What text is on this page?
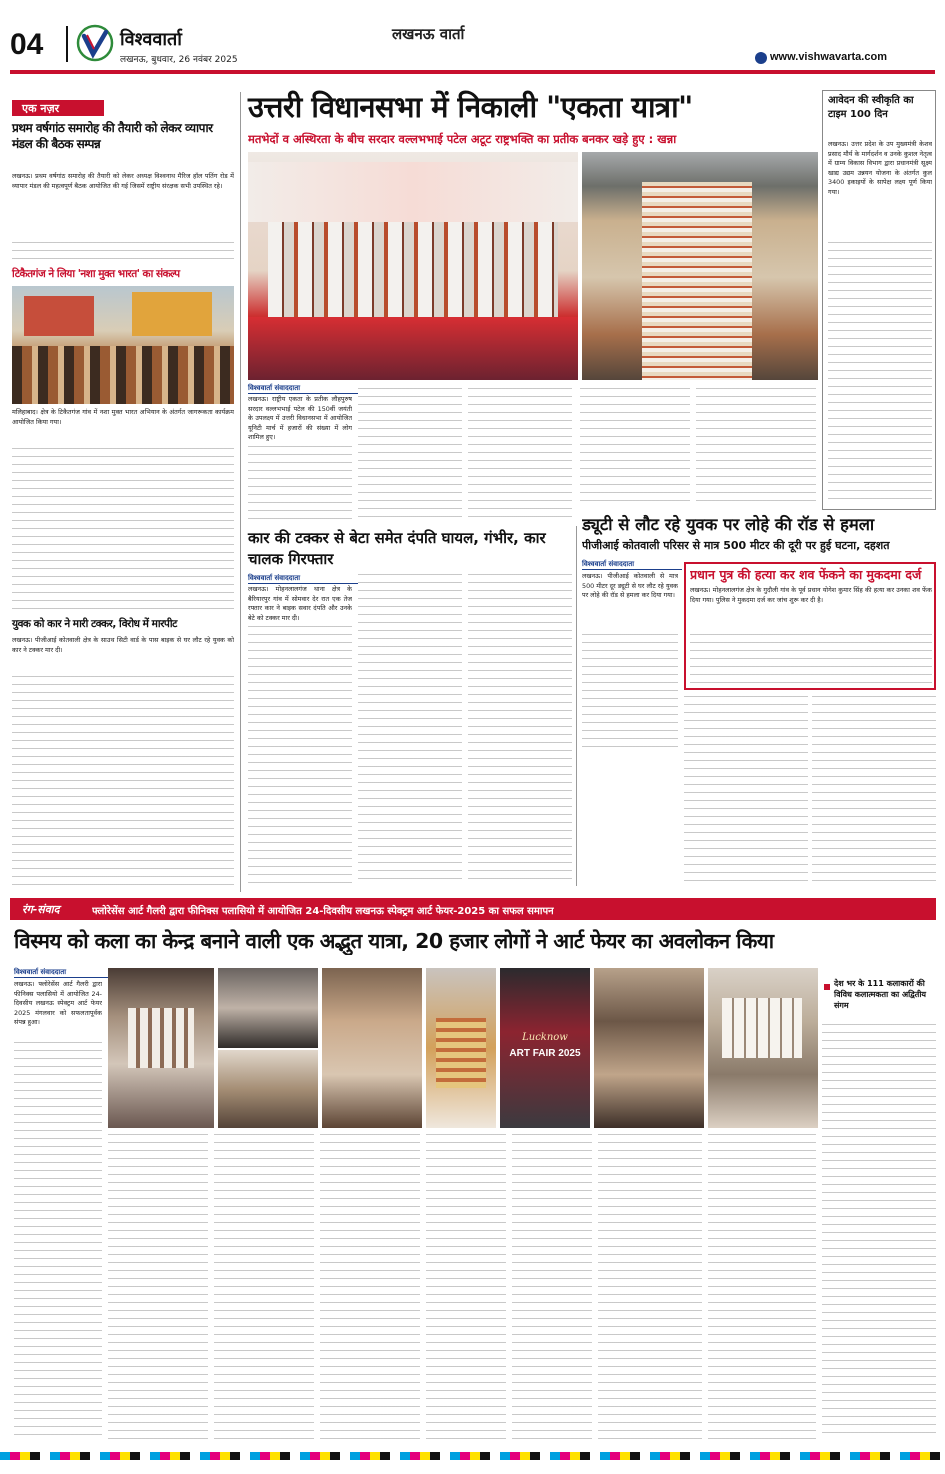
04	विश्ववार्ता
लखनऊ, बुधवार, 26 नवंबर 2025
लखनऊ वार्ता
www.vishwavarta.com
एक नज़र
प्रथम वर्षगांठ समारोह की तैयारी को लेकर व्यापार मंडल की बैठक सम्पन्न
लखनऊ। प्रथम वर्षगांठ समारोह की तैयारी को लेकर अध्यक्ष विश्वनाथ मैरिज हॉल पतिंग रोड में व्यापार मंडल की महत्वपूर्ण बैठक आयोजित की गई जिसमें राष्ट्रीय संरक्षक सभी उपस्थित रहे।
टिकैतगंज ने लिया 'नशा मुक्त भारत' का संकल्प
मलिहाबाद। क्षेत्र के टिकैतगंज गांव में नशा मुक्त भारत अभियान के अंतर्गत जागरूकता कार्यक्रम आयोजित किया गया।
युवक को कार ने मारी टक्कर, विरोध में मारपीट
लखनऊ। पीजीआई कोतवाली क्षेत्र के साउथ सिटी वार्ड के पास बाइक से घर लौट रहे युवक को कार ने टक्कर मार दी।
उत्तरी विधानसभा में निकाली "एकता यात्रा"
मतभेदों व अस्थिरता के बीच सरदार वल्लभभाई पटेल अटूट राष्ट्रभक्ति का प्रतीक बनकर खड़े हुए : खन्ना
विश्ववार्ता संवाददाता
लखनऊ। राष्ट्रीय एकता के प्रतीक लौहपुरुष सरदार वल्लभभाई पटेल की 150वीं जयंती के उपलक्ष्य में उत्तरी विधानसभा में आयोजित यूनिटी मार्च में हजारों की संख्या में लोग शामिल हुए।
आवेदन की स्वीकृति का टाइम 100 दिन
लखनऊ। उत्तर प्रदेश के उप मुख्यमंत्री केशव प्रसाद मौर्य के मार्गदर्शन व उनके कुशल नेतृत्व में ग्राम्य विकास विभाग द्वारा प्रधानमंत्री सूक्ष्म खाद्य उद्यम उन्नयन योजना के अंतर्गत कुल 3400 इकाइयों के सापेक्ष लक्ष्य पूर्ण किया गया।
कार की टक्कर से बेटा समेत दंपति घायल, गंभीर, कार चालक गिरफ्तार
विश्ववार्ता संवाददाता
लखनऊ। मोहनलालगंज थाना क्षेत्र के बैरियारपुर गांव में सोमवार देर रात एक तेज रफ्तार कार ने बाइक सवार दंपति और उनके बेटे को टक्कर मार दी।
ड्यूटी से लौट रहे युवक पर लोहे की रॉड से हमला
पीजीआई कोतवाली परिसर से मात्र 500 मीटर की दूरी पर हुई घटना, दहशत
विश्ववार्ता संवाददाता
लखनऊ। पीजीआई कोतवाली से मात्र 500 मीटर दूर ड्यूटी से घर लौट रहे युवक पर लोहे की रॉड से हमला कर दिया गया।
प्रधान पुत्र की हत्या कर शव फेंकने का मुकदमा दर्ज
लखनऊ। मोहनलालगंज क्षेत्र के गुदौली गांव के पूर्व प्रधान योगेश कुमार सिंह की हत्या कर उनका शव फेंक दिया गया। पुलिस ने मुकदमा दर्ज कर जांच शुरू कर दी है।
रंग-संवाद	फ्लोरेसेंस आर्ट गैलरी द्वारा फीनिक्स पलासियो में आयोजित 24-दिवसीय लखनऊ स्पेक्ट्रम आर्ट फेयर-2025 का सफल समापन
विस्मय को कला का केन्द्र बनाने वाली एक अद्भुत यात्रा, 20 हजार लोगों ने आर्ट फेयर का अवलोकन किया
विश्ववार्ता संवाददाता
लखनऊ। फ्लोरेसेंस आर्ट गैलरी द्वारा फीनिक्स पलासियो में आयोजित 24-दिवसीय लखनऊ स्पेक्ट्रम आर्ट फेयर 2025 मंगलवार को सफलतापूर्वक संपन्न हुआ।
Lucknow
ART FAIR 2025
देश भर के 111 कलाकारों की विविध कलात्मकता का अद्वितीय संगम
